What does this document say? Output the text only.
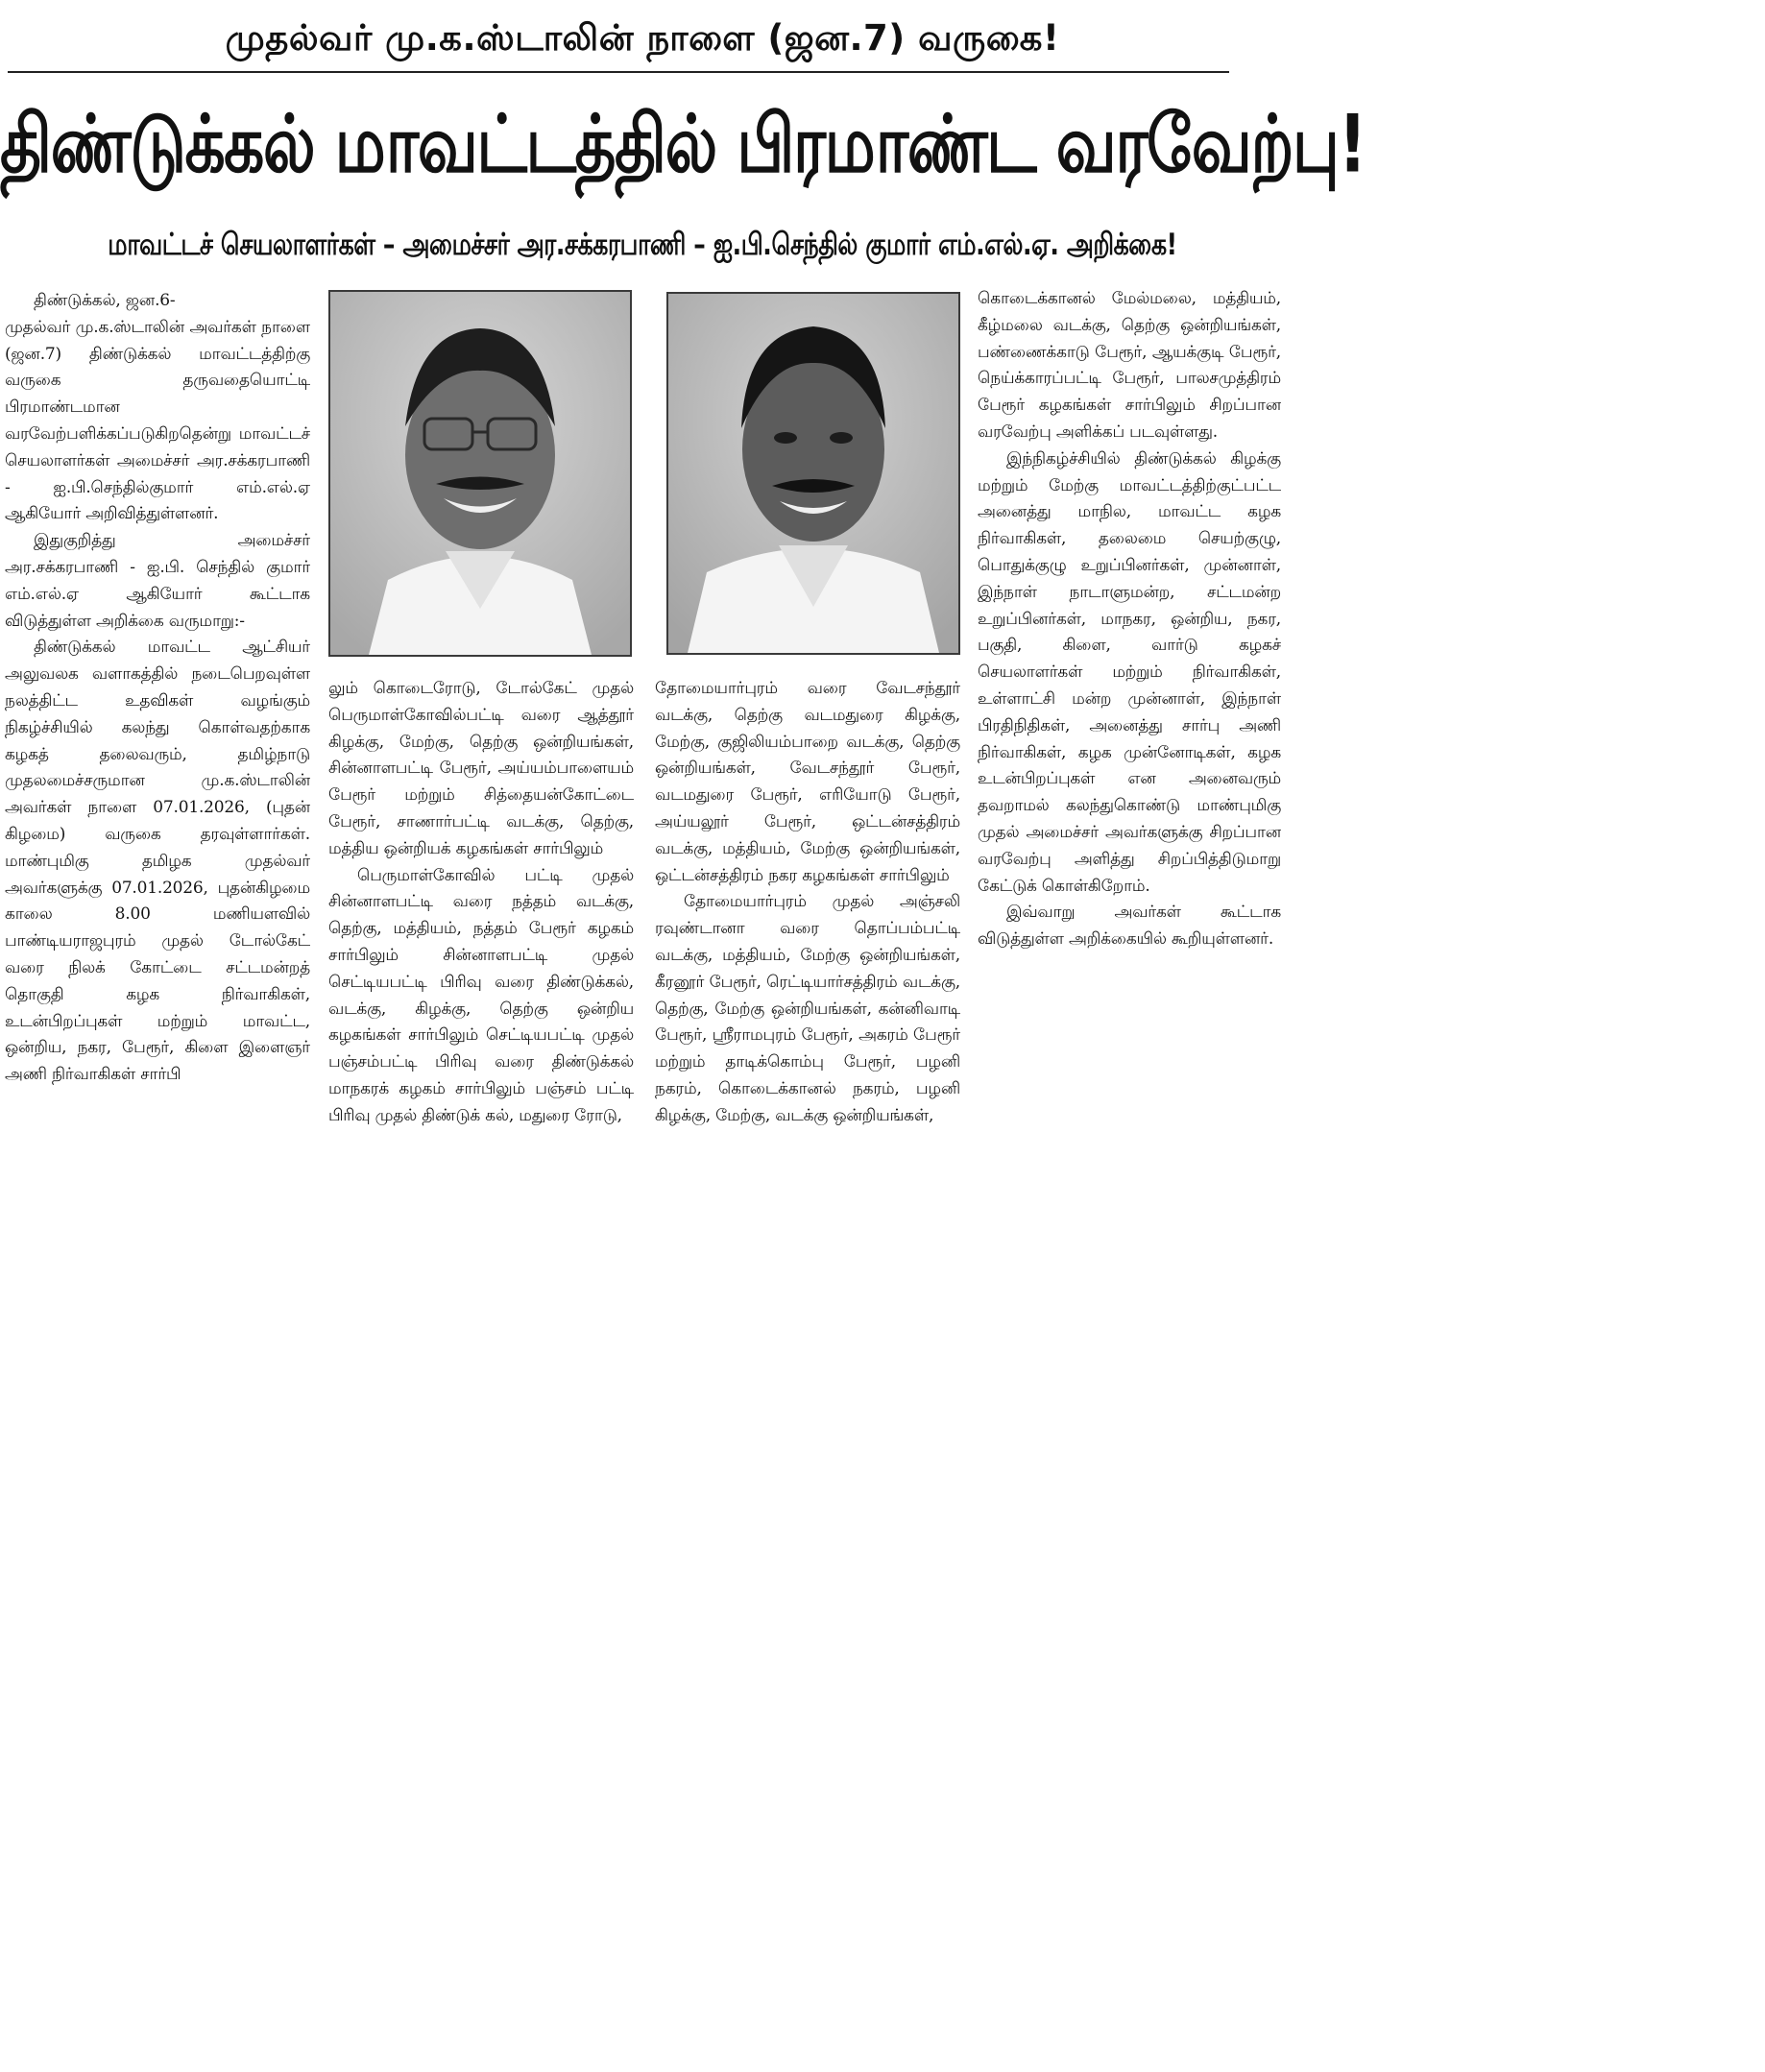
முதல்வர் மு.க.ஸ்டாலின் நாளை (ஜன.7) வருகை!
திண்டுக்கல் மாவட்டத்தில் பிரமாண்ட வரவேற்பு!
மாவட்டச் செயலாளர்கள் – அமைச்சர் அர.சக்கரபாணி – ஐ.பி.செந்தில் குமார் எம்.எல்.ஏ. அறிக்கை!

திண்டுக்கல், ஜன.6-

முதல்வர் மு.க.ஸ்டாலின் அவர்கள் நாளை (ஜன.7) திண்டுக்கல் மாவட்டத்திற்கு வருகை தருவதையொட்டி பிரமாண்டமான வரவேற்பளிக்கப்படுகிறதென்று மாவட்டச் செயலாளர்கள் அமைச்சர் அர.சக்கரபாணி - ஐ.பி.செந்தில்குமார் எம்.எல்.ஏ ஆகியோர் அறிவித்துள்ளனர்.

இதுகுறித்து அமைச்சர் அர.சக்கரபாணி - ஐ.பி. செந்தில் குமார் எம்.எல்.ஏ ஆகியோர் கூட்டாக விடுத்துள்ள அறிக்கை வருமாறு:-

திண்டுக்கல் மாவட்ட ஆட்சியர் அலுவலக வளாகத்தில் நடைபெறவுள்ள நலத்திட்ட உதவிகள் வழங்கும் நிகழ்ச்சியில் கலந்து கொள்வதற்காக கழகத் தலைவரும், தமிழ்நாடு முதலமைச்சருமான மு.க.ஸ்டாலின் அவர்கள் நாளை 07.01.2026, (புதன் கிழமை) வருகை தரவுள்ளார்கள். மாண்புமிகு தமிழக முதல்வர் அவர்களுக்கு 07.01.2026, புதன்கிழமை காலை 8.00 மணியளவில் பாண்டியராஜபுரம் முதல் டோல்கேட் வரை நிலக் கோட்டை சட்டமன்றத் தொகுதி கழக நிர்வாகிகள், உடன்பிறப்புகள் மற்றும் மாவட்ட, ஒன்றிய, நகர, பேரூர், கிளை இளைஞர் அணி நிர்வாகிகள் சார்பி

லும் கொடைரோடு, டோல்கேட் முதல் பெருமாள்கோவில்பட்டி வரை ஆத்தூர் கிழக்கு, மேற்கு, தெற்கு ஒன்றியங்கள், சின்னாளபட்டி பேரூர், அய்யம்பாளையம் பேரூர் மற்றும் சித்தையன்கோட்டை பேரூர், சாணார்பட்டி வடக்கு, தெற்கு, மத்திய ஒன்றியக் கழகங்கள் சார்பிலும்

பெருமாள்கோவில் பட்டி முதல் சின்னாளபட்டி வரை நத்தம் வடக்கு, தெற்கு, மத்தியம், நத்தம் பேரூர் கழகம் சார்பிலும் சின்னாளபட்டி முதல் செட்டியபட்டி பிரிவு வரை திண்டுக்கல், வடக்கு, கிழக்கு, தெற்கு ஒன்றிய கழகங்கள் சார்பிலும் செட்டியபட்டி முதல் பஞ்சம்பட்டி பிரிவு வரை திண்டுக்கல் மாநகரக் கழகம் சார்பிலும் பஞ்சம் பட்டி பிரிவு முதல் திண்டுக் கல், மதுரை ரோடு,

தோமையார்புரம் வரை வேடசந்தூர் வடக்கு, தெற்கு வடமதுரை கிழக்கு, மேற்கு, குஜிலியம்பாறை வடக்கு, தெற்கு ஒன்றியங்கள், வேடசந்தூர் பேரூர், வடமதுரை பேரூர், எரியோடு பேரூர், அய்யலூர் பேரூர், ஒட்டன்சத்திரம் வடக்கு, மத்தியம், மேற்கு ஒன்றியங்கள், ஒட்டன்சத்திரம் நகர கழகங்கள் சார்பிலும்

தோமையார்புரம் முதல் அஞ்சலி ரவுண்டானா வரை தொப்பம்பட்டி வடக்கு, மத்தியம், மேற்கு ஒன்றியங்கள், கீரனூர் பேரூர், ரெட்டியார்சத்திரம் வடக்கு, தெற்கு, மேற்கு ஒன்றியங்கள், கன்னிவாடி பேரூர், ஸ்ரீராமபுரம் பேரூர், அகரம் பேரூர் மற்றும் தாடிக்கொம்பு பேரூர், பழனி நகரம், கொடைக்கானல் நகரம், பழனி கிழக்கு, மேற்கு, வடக்கு ஒன்றியங்கள்,

கொடைக்கானல் மேல்மலை, மத்தியம், கீழ்மலை வடக்கு, தெற்கு ஒன்றியங்கள், பண்ணைக்காடு பேரூர், ஆயக்குடி பேரூர், நெய்க்காரப்பட்டி பேரூர், பாலசமுத்திரம் பேரூர் கழகங்கள் சார்பிலும் சிறப்பான வரவேற்பு அளிக்கப் படவுள்ளது.

இந்நிகழ்ச்சியில் திண்டுக்கல் கிழக்கு மற்றும் மேற்கு மாவட்டத்திற்குட்பட்ட அனைத்து மாநில, மாவட்ட கழக நிர்வாகிகள், தலைமை செயற்குழு, பொதுக்குழு உறுப்பினர்கள், முன்னாள், இந்நாள் நாடாளுமன்ற, சட்டமன்ற உறுப்பினர்கள், மாநகர, ஒன்றிய, நகர, பகுதி, கிளை, வார்டு கழகச் செயலாளர்கள் மற்றும் நிர்வாகிகள், உள்ளாட்சி மன்ற முன்னாள், இந்நாள் பிரதிநிதிகள், அனைத்து சார்பு அணி நிர்வாகிகள், கழக முன்னோடிகள், கழக உடன்பிறப்புகள் என அனைவரும் தவறாமல் கலந்துகொண்டு மாண்புமிகு முதல் அமைச்சர் அவர்களுக்கு சிறப்பான வரவேற்பு அளித்து சிறப்பித்திடுமாறு கேட்டுக் கொள்கிறோம்.

இவ்வாறு அவர்கள் கூட்டாக விடுத்துள்ள அறிக்கையில் கூறியுள்ளனர்.
